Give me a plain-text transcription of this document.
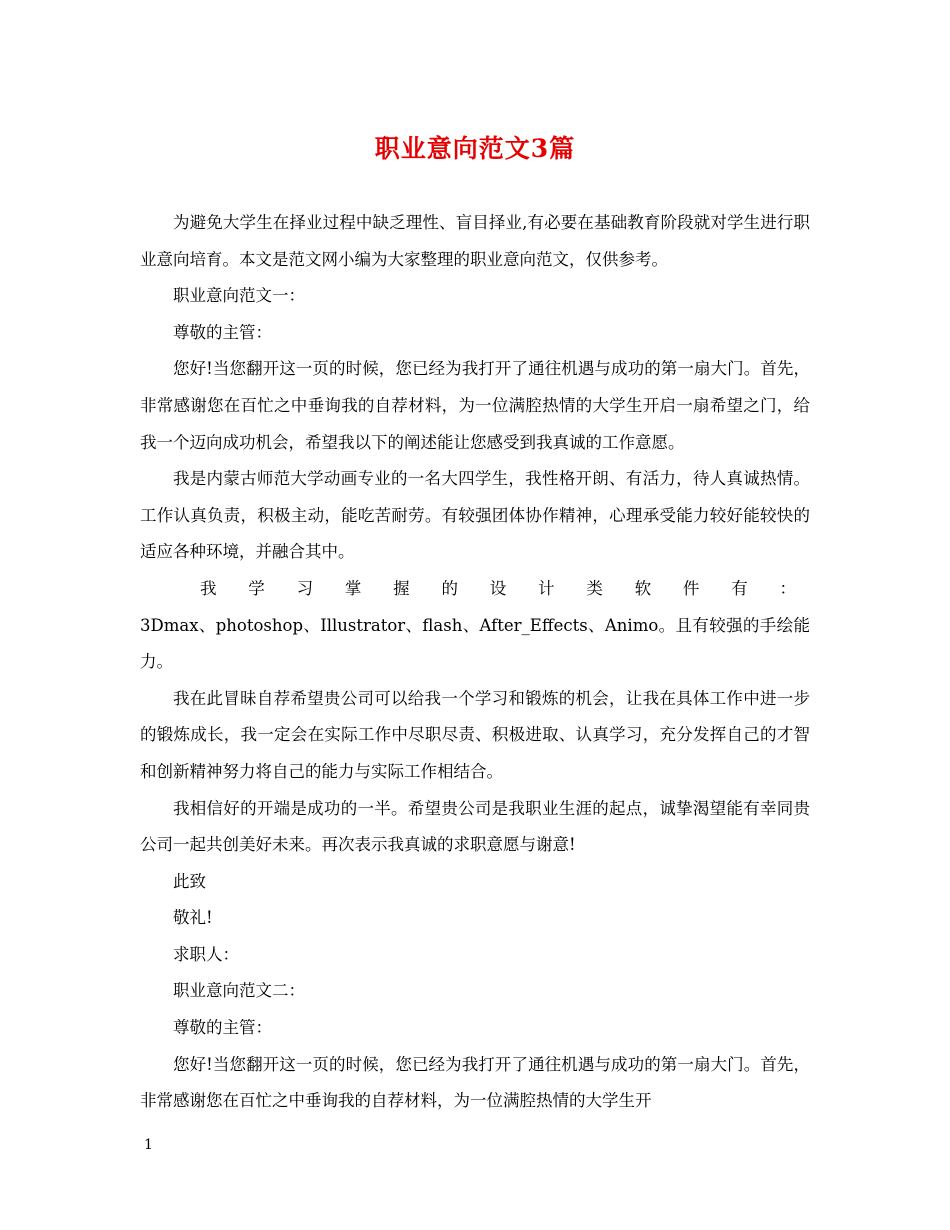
职业意向范文3篇

为避免大学生在择业过程中缺乏理性、盲目择业,有必要在基础教育阶段就对学生进行职业意向培育。本文是范文网小编为大家整理的职业意向范文，仅供参考。

职业意向范文一：

尊敬的主管：

您好!当您翻开这一页的时候，您已经为我打开了通往机遇与成功的第一扇大门。首先，非常感谢您在百忙之中垂询我的自荐材料，为一位满腔热情的大学生开启一扇希望之门，给我一个迈向成功机会，希望我以下的阐述能让您感受到我真诚的工作意愿。

我是内蒙古师范大学动画专业的一名大四学生，我性格开朗、有活力，待人真诚热情。工作认真负责，积极主动，能吃苦耐劳。有较强团体协作精神，心理承受能力较好能较快的适应各种环境，并融合其中。

我学习掌握的设计类软件有：

3Dmax、photoshop、Illustrator、flash、After_Effects、Animo。且有较强的手绘能力。

我在此冒昧自荐希望贵公司可以给我一个学习和锻炼的机会，让我在具体工作中进一步的锻炼成长，我一定会在实际工作中尽职尽责、积极进取、认真学习，充分发挥自己的才智和创新精神努力将自己的能力与实际工作相结合。

我相信好的开端是成功的一半。希望贵公司是我职业生涯的起点，诚挚渴望能有幸同贵公司一起共创美好未来。再次表示我真诚的求职意愿与谢意!

此致

敬礼!

求职人：

职业意向范文二：

尊敬的主管：

您好!当您翻开这一页的时候，您已经为我打开了通往机遇与成功的第一扇大门。首先，非常感谢您在百忙之中垂询我的自荐材料，为一位满腔热情的大学生开

1
